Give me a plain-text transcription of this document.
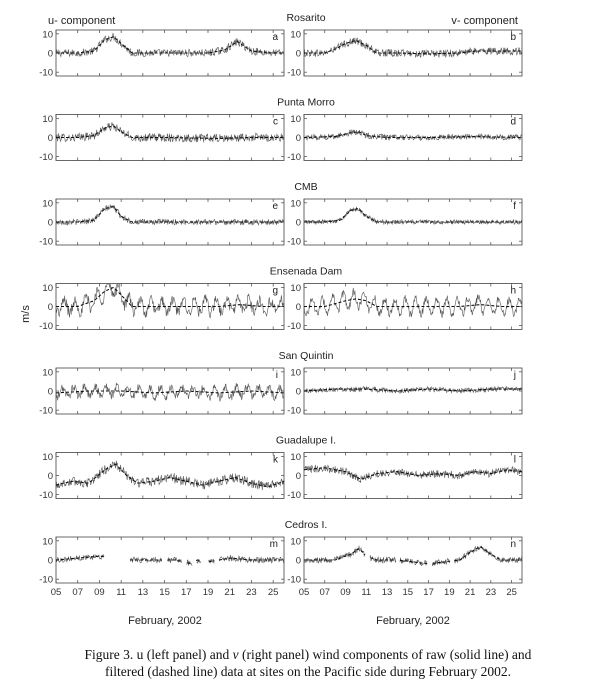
u- component	v- component
m/s
February, 2002	February, 2002
Rosarito
10
0
-10
a 10
0
-10
b
Punta Morro
10
0
-10
c 10
0
-10
d
CMB
10
0
-10
e 10
0
-10
f
Ensenada Dam
10
0
-10
g 10
0
-10
h
San Quintin
10
0
-10
i 10
0
-10
j
Guadalupe I.
10
0
-10
k 10
0
-10
l
Cedros I.
10
0
-10
05 07 09 11 13 15 17 19 21 23 25
m 10
0
-10
05 07 09 11 13 15 17 19 21 23 25
n
Figure 3. u (left panel) and v (right panel) wind components of raw (solid line) and
filtered (dashed line) data at sites on the Pacific side during February 2002.
